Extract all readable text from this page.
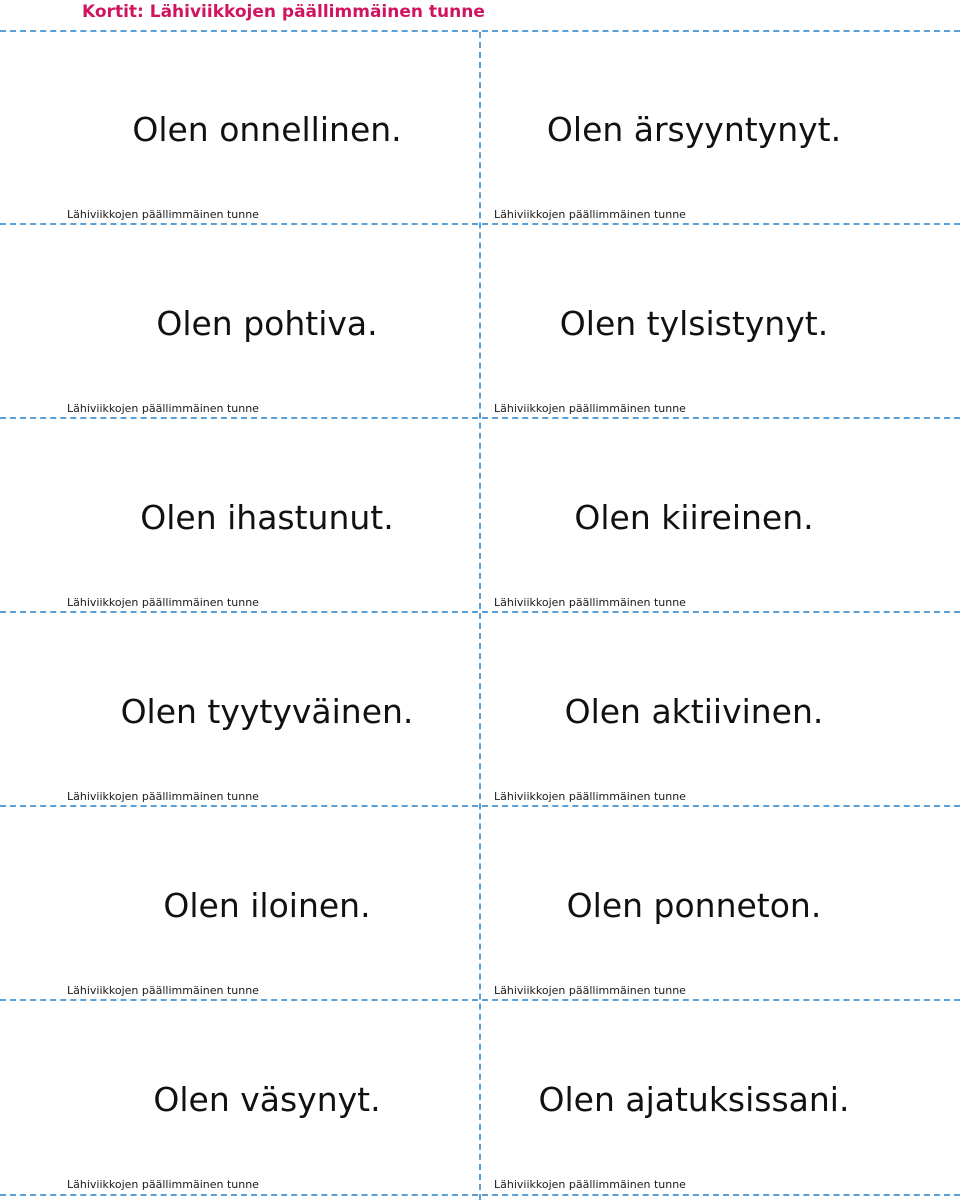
Kortit: Lähiviikkojen päällimmäinen tunne
Olen onnellinen.
Lähiviikkojen päällimmäinen tunne
Olen ärsyyntynyt.
Lähiviikkojen päällimmäinen tunne
Olen pohtiva.
Lähiviikkojen päällimmäinen tunne
Olen tylsistynyt.
Lähiviikkojen päällimmäinen tunne
Olen ihastunut.
Lähiviikkojen päällimmäinen tunne
Olen kiireinen.
Lähiviikkojen päällimmäinen tunne
Olen tyytyväinen.
Lähiviikkojen päällimmäinen tunne
Olen aktiivinen.
Lähiviikkojen päällimmäinen tunne
Olen iloinen.
Lähiviikkojen päällimmäinen tunne
Olen ponneton.
Lähiviikkojen päällimmäinen tunne
Olen väsynyt.
Lähiviikkojen päällimmäinen tunne
Olen ajatuksissani.
Lähiviikkojen päällimmäinen tunne
